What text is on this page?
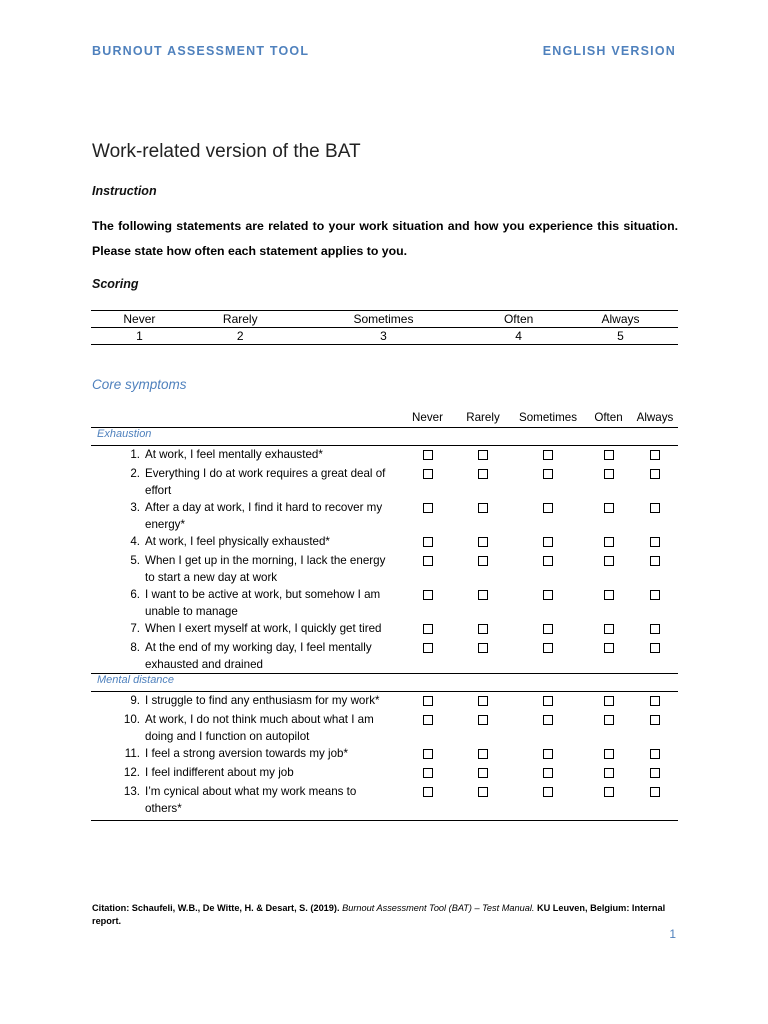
BURNOUT ASSESSMENT TOOL	ENGLISH VERSION
Work-related version of the BAT
Instruction
The following statements are related to your work situation and how you experience this situation. Please state how often each statement applies to you.
Scoring
Never	Rarely	Sometimes	Often	Always
1	2	3	4	5
Core symptoms
		Never	Rarely	Sometimes	Often	Always
Exhaustion						
1.	At work, I feel mentally exhausted*					
2.	Everything I do at work requires a great deal of effort					
3.	After a day at work, I find it hard to recover my energy*					
4.	At work, I feel physically exhausted*					
5.	When I get up in the morning, I lack the energy to start a new day at work					
6.	I want to be active at work, but somehow I am unable to manage					
7.	When I exert myself at work, I quickly get tired					
8.	At the end of my working day, I feel mentally exhausted and drained					
Mental distance						
9.	I struggle to find any enthusiasm for my work*					
10.	At work, I do not think much about what I am doing and I function on autopilot					
11.	I feel a strong aversion towards my job*					
12.	I feel indifferent about my job					
13.	I’m cynical about what my work means to others*					
Citation: Schaufeli, W.B., De Witte, H. & Desart, S. (2019). Burnout Assessment Tool (BAT) – Test Manual. KU Leuven, Belgium: Internal report.
1
